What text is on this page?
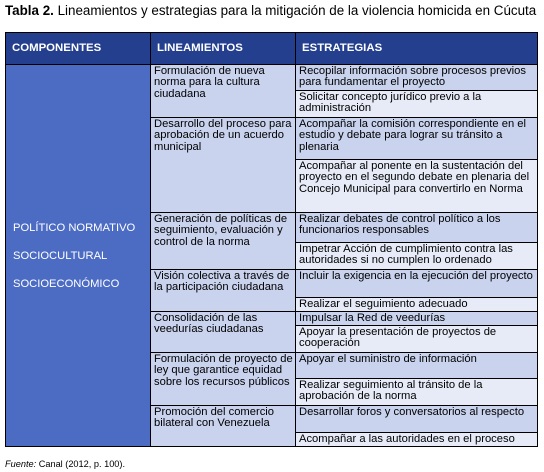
Tabla 2. Lineamientos y estrategias para la mitigación de la violencia homicida en Cúcuta
COMPONENTES	LINEAMIENTOS	ESTRATEGIAS

POLÍTICO NORMATIVO
SOCIOCULTURAL
SOCIOECONÓMICO	Formulación de nueva norma para la cultura ciudadana	Recopilar información sobre procesos previos para fundamentar el proyecto
		Solicitar concepto jurídico previo a la administración
	Desarrollo del proceso para aprobación de un acuerdo municipal	Acompañar la comisión correspondiente en el estudio y debate para lograr su tránsito a plenaria
		Acompañar al ponente en la sustentación del proyecto en el segundo debate en plenaria del Concejo Municipal para convertirlo en Norma
	Generación de políticas de seguimiento, evaluación y control de la norma	Realizar debates de control político a los funcionarios responsables
		Impetrar Acción de cumplimiento contra las autoridades si no cumplen lo ordenado
	Visión colectiva a través de la participación ciudadana	Incluir la exigencia en la ejecución del proyecto
		Realizar el seguimiento adecuado
	Consolidación de las veedurías ciudadanas	Impulsar la Red de veedurías
		Apoyar la presentación de proyectos de cooperación
	Formulación de proyecto de ley que garantice equidad sobre los recursos públicos	Apoyar el suministro de información
		Realizar seguimiento al tránsito de la aprobación de la norma
	Promoción del comercio bilateral con Venezuela	Desarrollar foros y conversatorios al respecto
		Acompañar a las autoridades en el proceso
Fuente: Canal (2012, p. 100).
